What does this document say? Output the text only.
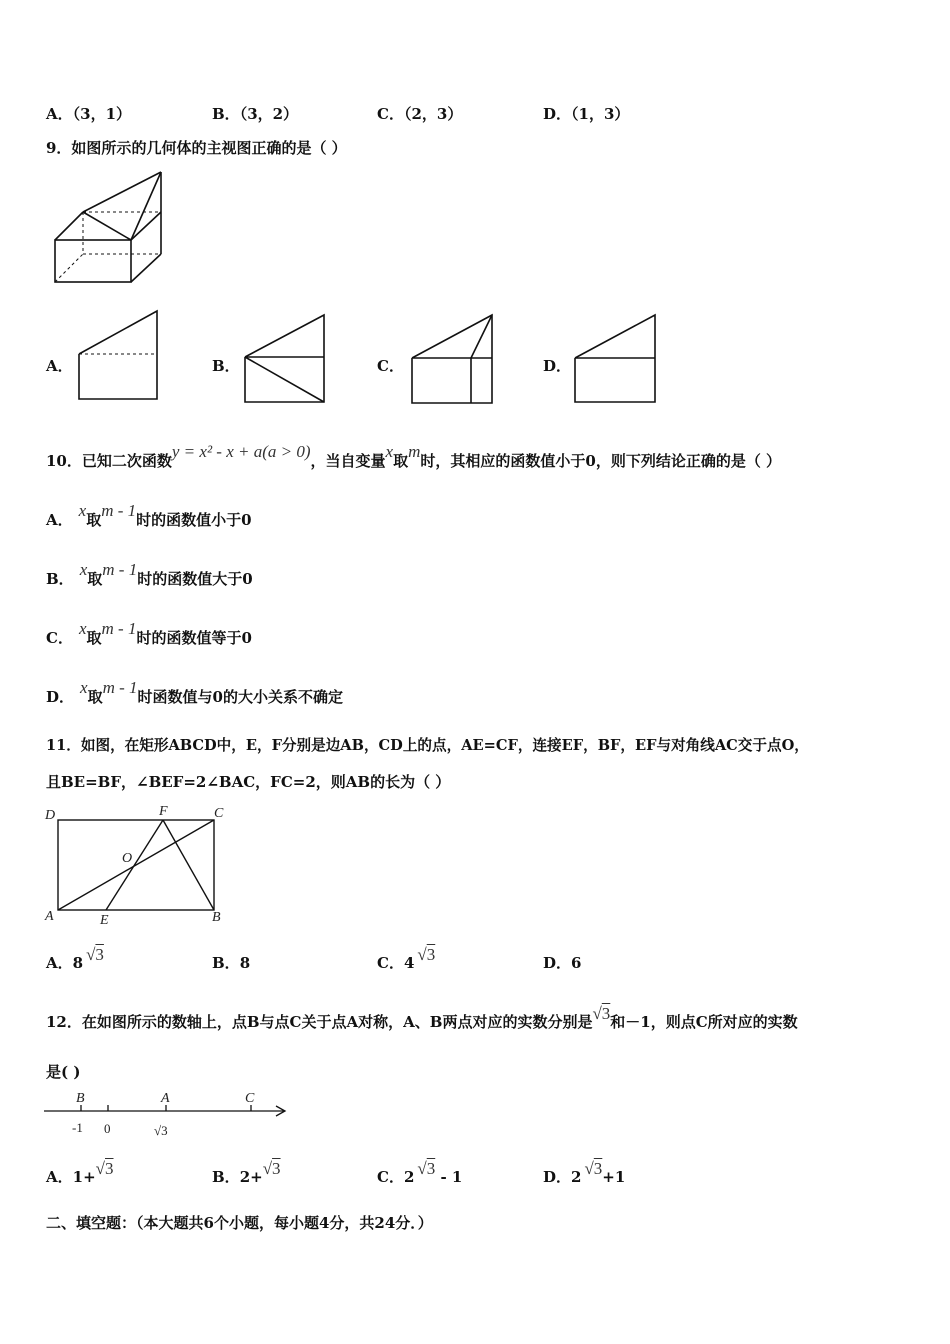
A．（3，1）	B．（3，2）	C．（2，3）	D．（1，3）
9．如图所示的几何体的主视图正确的是（ ）
A．	B．	C．	D．
10．已知二次函数y = x² - x + a(a > 0)，当自变量x取m时，其相应的函数值小于0，则下列结论正确的是（ ）
A． x取m - 1时的函数值小于0
B． x取m - 1时的函数值大于0
C． x取m - 1时的函数值等于0
D． x取m - 1时函数值与0的大小关系不确定
11．如图，在矩形ABCD中，E，F分别是边AB，CD上的点，AE=CF，连接EF，BF，EF与对角线AC交于点O，
且BE=BF，∠BEF=2∠BAC，FC=2，则AB的长为（ ）
D	F	C
O
A	E	B
A．8 √3	B．8	C．4 √3	D．6
12．在如图所示的数轴上，点B与点C关于点A对称，A、B两点对应的实数分别是√3和－1，则点C所对应的实数
是( )
B	A	C
-1 0	√3
A．1+√3	B．2+√3	C．2 √3 - 1	D．2 √3+1
二、填空题：（本大题共6个小题，每小题4分，共24分．）
